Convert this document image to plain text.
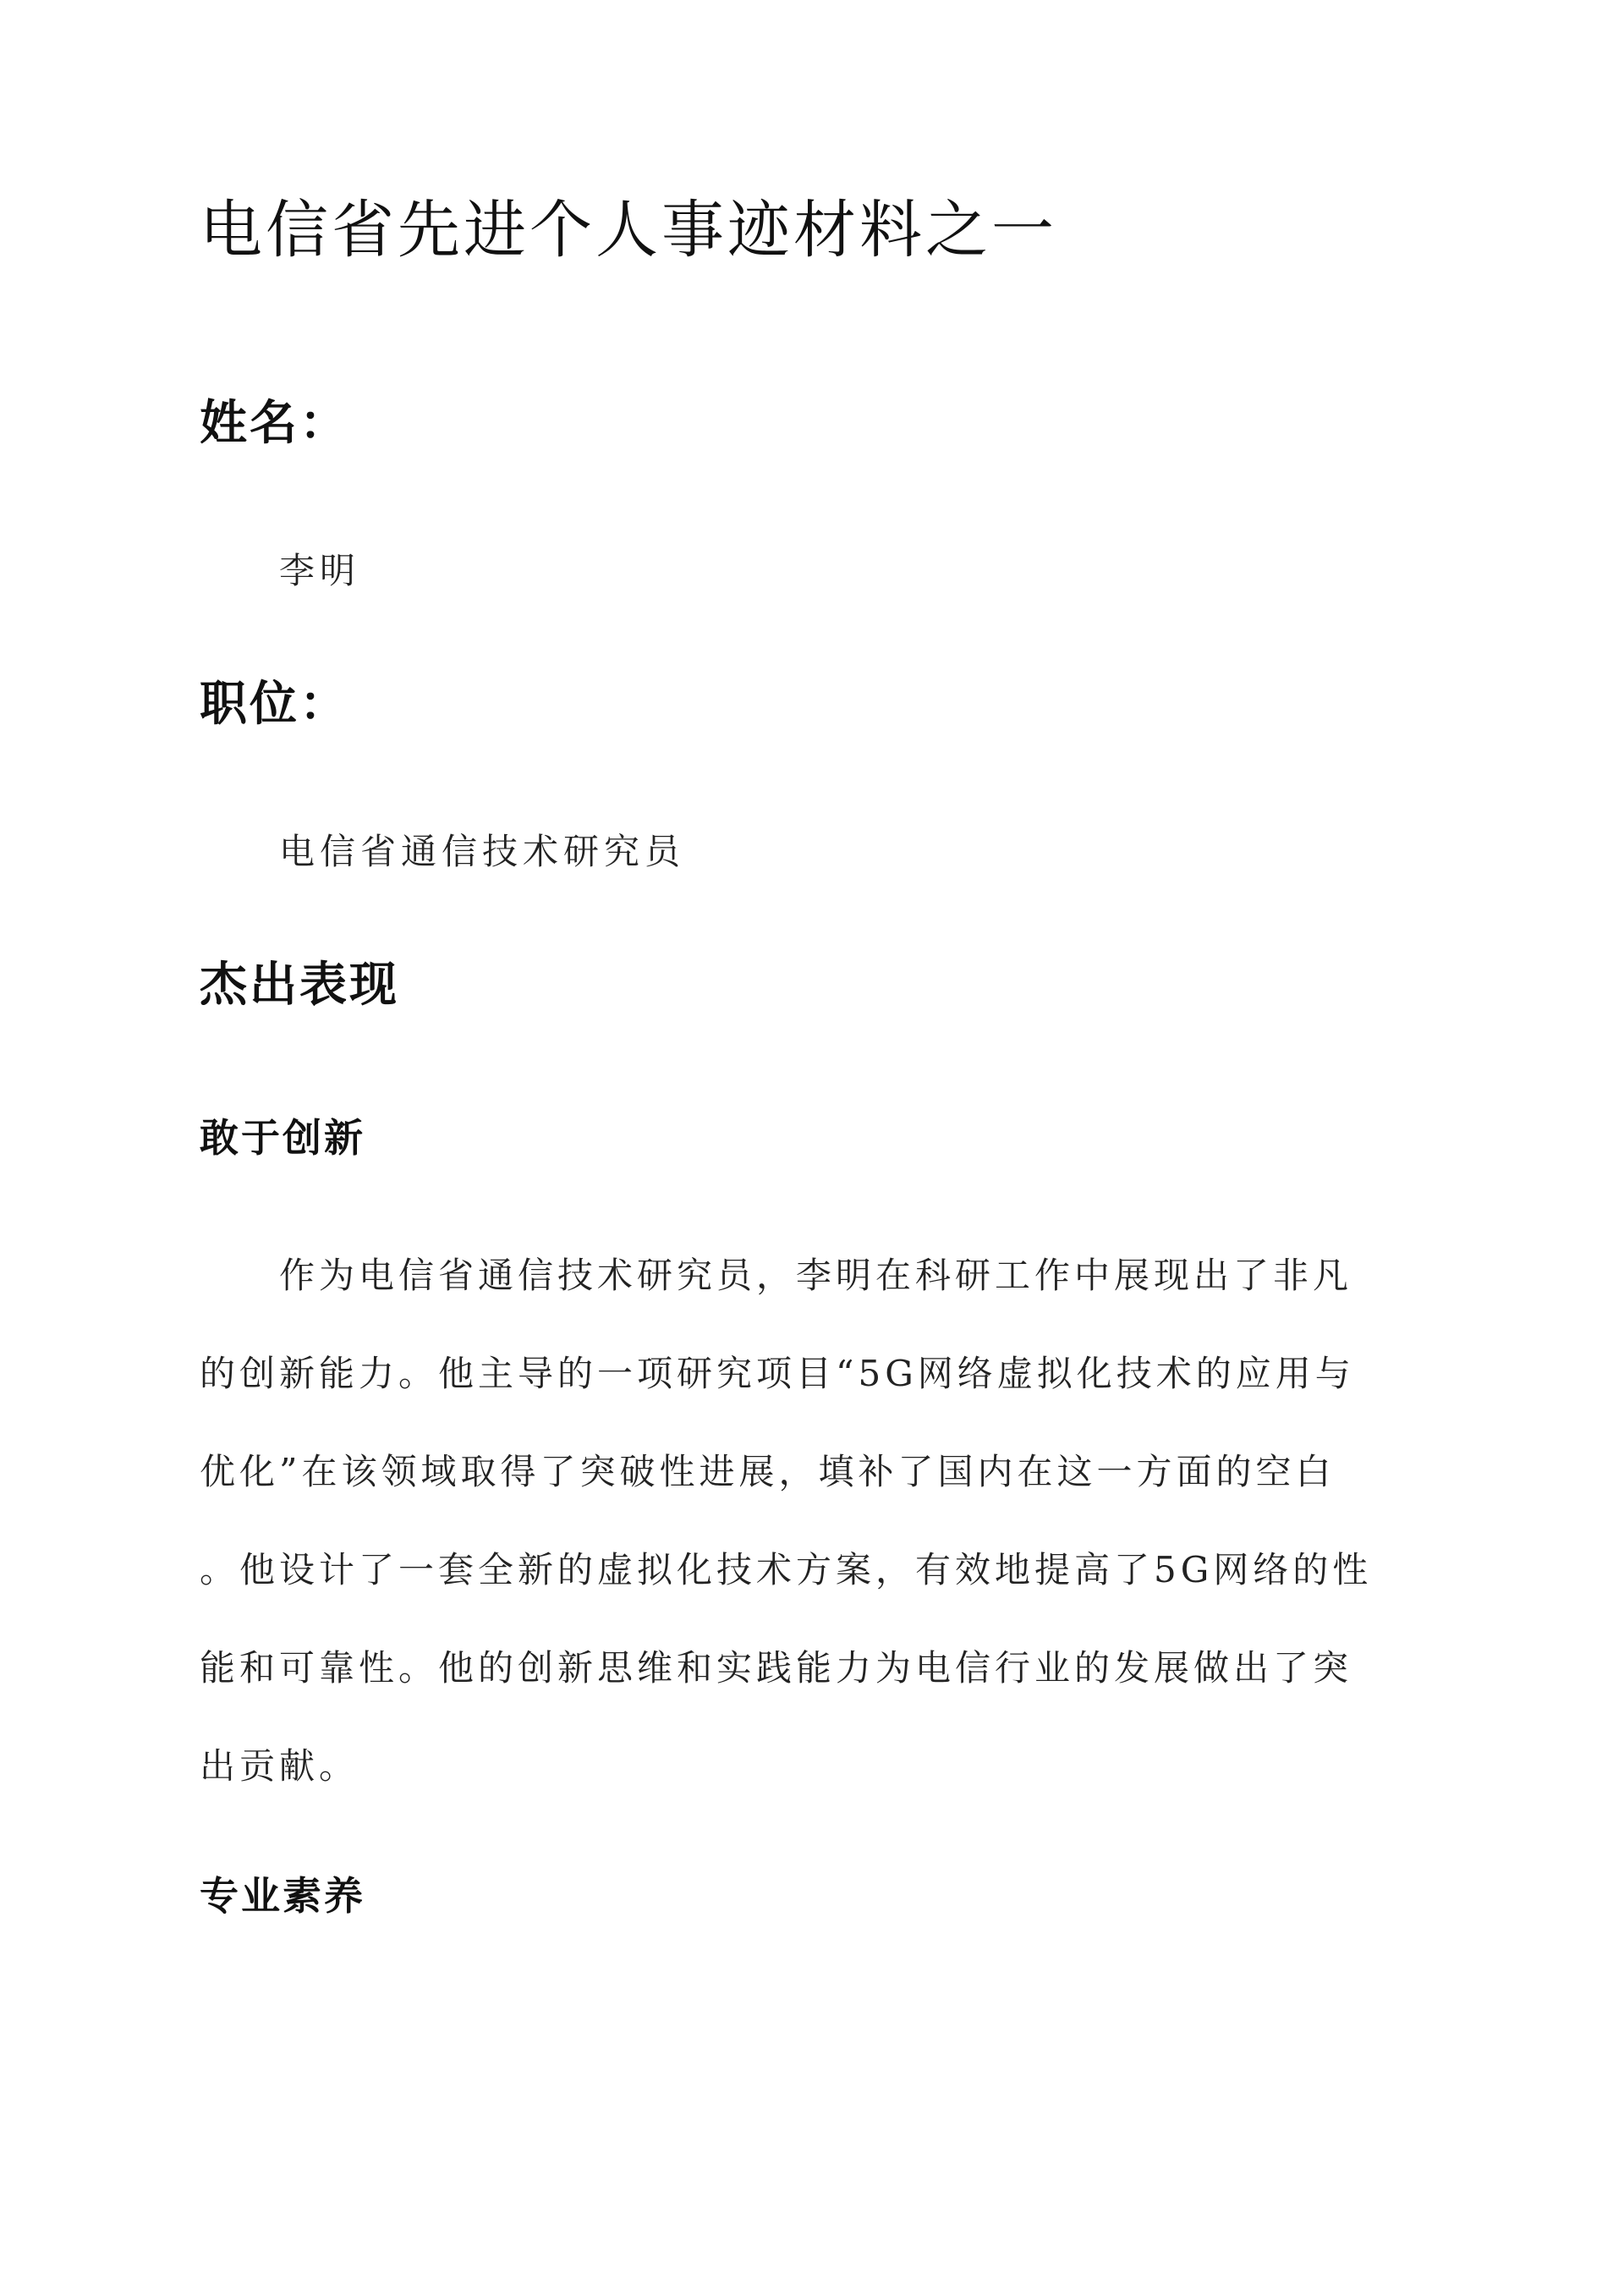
电信省先进个人事迹材料之一
姓名：

李明

职位：

电信省通信技术研究员

杰出表现
敢于创新
作为电信省通信技术研究员，李明在科研工作中展现出了非凡
的创新能力。他主导的一项研究项目“5G网络虚拟化技术的应用与
优化”在该领域取得了突破性进展，填补了国内在这一方面的空白
。他设计了一套全新的虚拟化技术方案，有效地提高了5G网络的性
能和可靠性。他的创新思维和实践能力为电信行业的发展做出了突
出贡献。
专业素养
